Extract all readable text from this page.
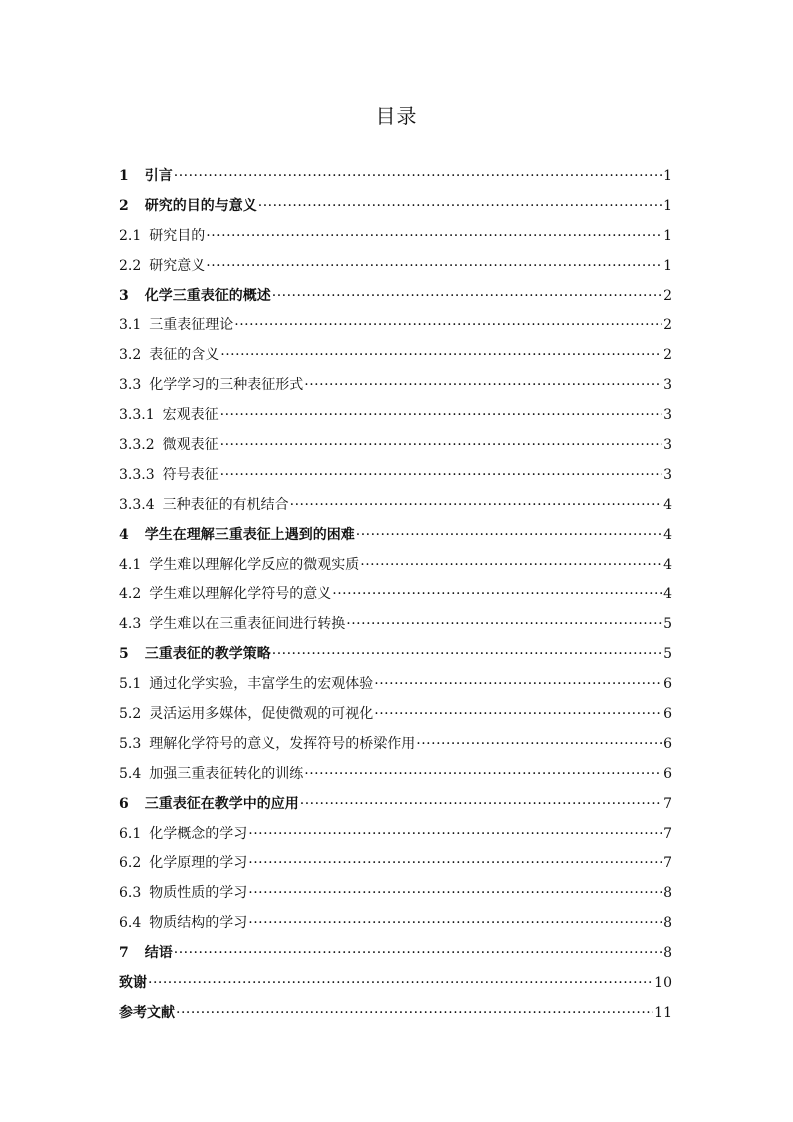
目录
1	引言 ·····	1
2	研究的目的与意义 ·····	1
2.1 研究目的 ·····	1
2.2 研究意义 ·····	1
3	化学三重表征的概述 ·····	2
3.1 三重表征理论 ·····	2
3.2 表征的含义 ·····	2
3.3 化学学习的三种表征形式 ·····	3
3.3.1 宏观表征 ·····	3
3.3.2 微观表征 ·····	3
3.3.3 符号表征 ·····	3
3.3.4 三种表征的有机结合 ·····	4
4	学生在理解三重表征上遇到的困难 ·····	4
4.1 学生难以理解化学反应的微观实质 ·····	4
4.2 学生难以理解化学符号的意义 ·····	4
4.3 学生难以在三重表征间进行转换 ·····	5
5	三重表征的教学策略 ·····	5
5.1 通过化学实验，丰富学生的宏观体验 ·····	6
5.2 灵活运用多媒体，促使微观的可视化 ·····	6
5.3 理解化学符号的意义，发挥符号的桥梁作用 ·····	6
5.4 加强三重表征转化的训练 ·····	6
6	三重表征在教学中的应用 ·····	7
6.1 化学概念的学习 ·····	7
6.2 化学原理的学习 ·····	7
6.3 物质性质的学习 ·····	8
6.4 物质结构的学习 ·····	8
7	结语 ·····	8
致谢 ·····	10
参考文献 ·····	11
